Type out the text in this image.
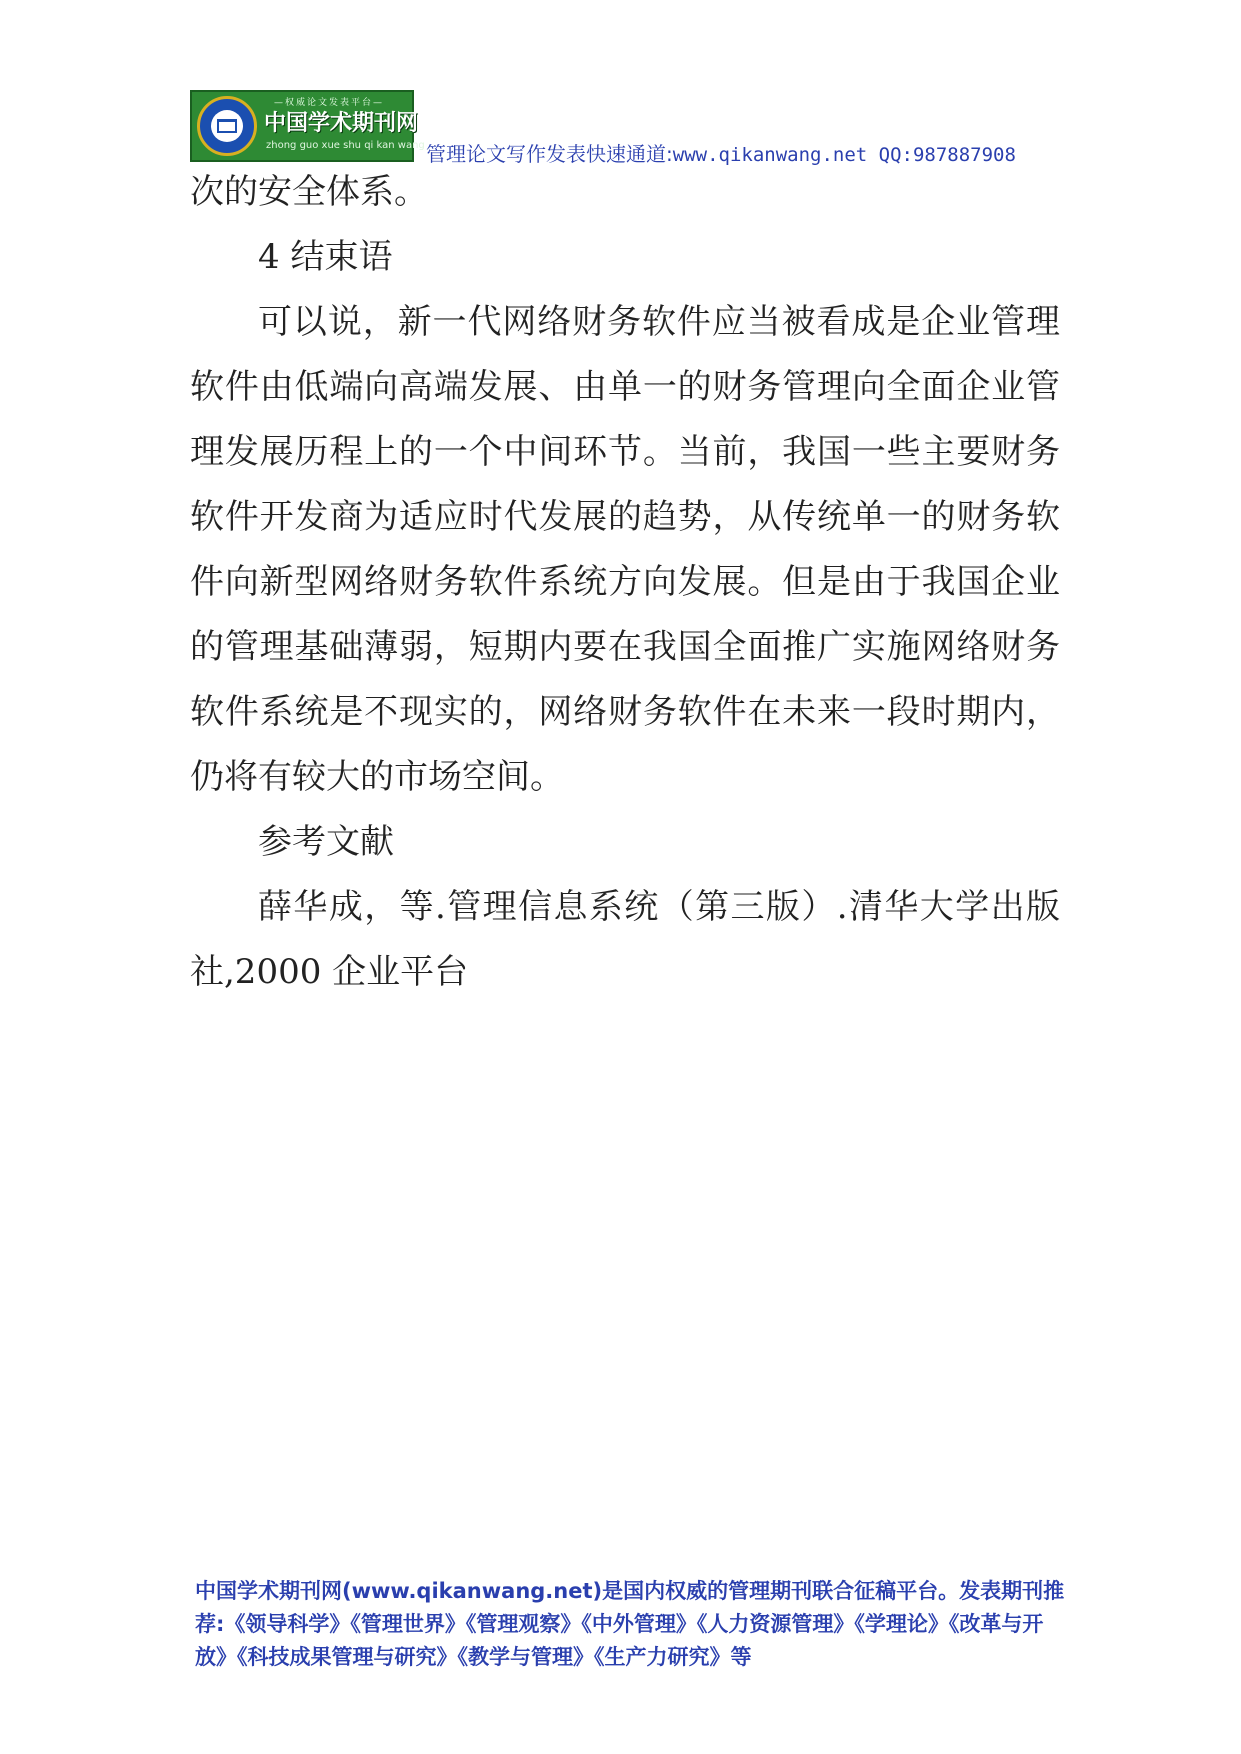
—权威论文发表平台—
中国学术期刊网
zhong guo xue shu qi kan wang 管理论文写作发表快速通道:www.qikanwang.net QQ:987887908

次的安全体系。

4 结束语

可以说，新一代网络财务软件应当被看成是企业管理软件由低端向高端发展、由单一的财务管理向全面企业管理发展历程上的一个中间环节。当前，我国一些主要财务软件开发商为适应时代发展的趋势，从传统单一的财务软件向新型网络财务软件系统方向发展。但是由于我国企业的管理基础薄弱，短期内要在我国全面推广实施网络财务软件系统是不现实的，网络财务软件在未来一段时期内，仍将有较大的市场空间。

参考文献

薛华成，等.管理信息系统（第三版）.清华大学出版社,2000 企业平台

中国学术期刊网(www.qikanwang.net)是国内权威的管理期刊联合征稿平台。发表期刊推荐:《领导科学》《管理世界》《管理观察》《中外管理》《人力资源管理》《学理论》《改革与开放》《科技成果管理与研究》《教学与管理》《生产力研究》等
